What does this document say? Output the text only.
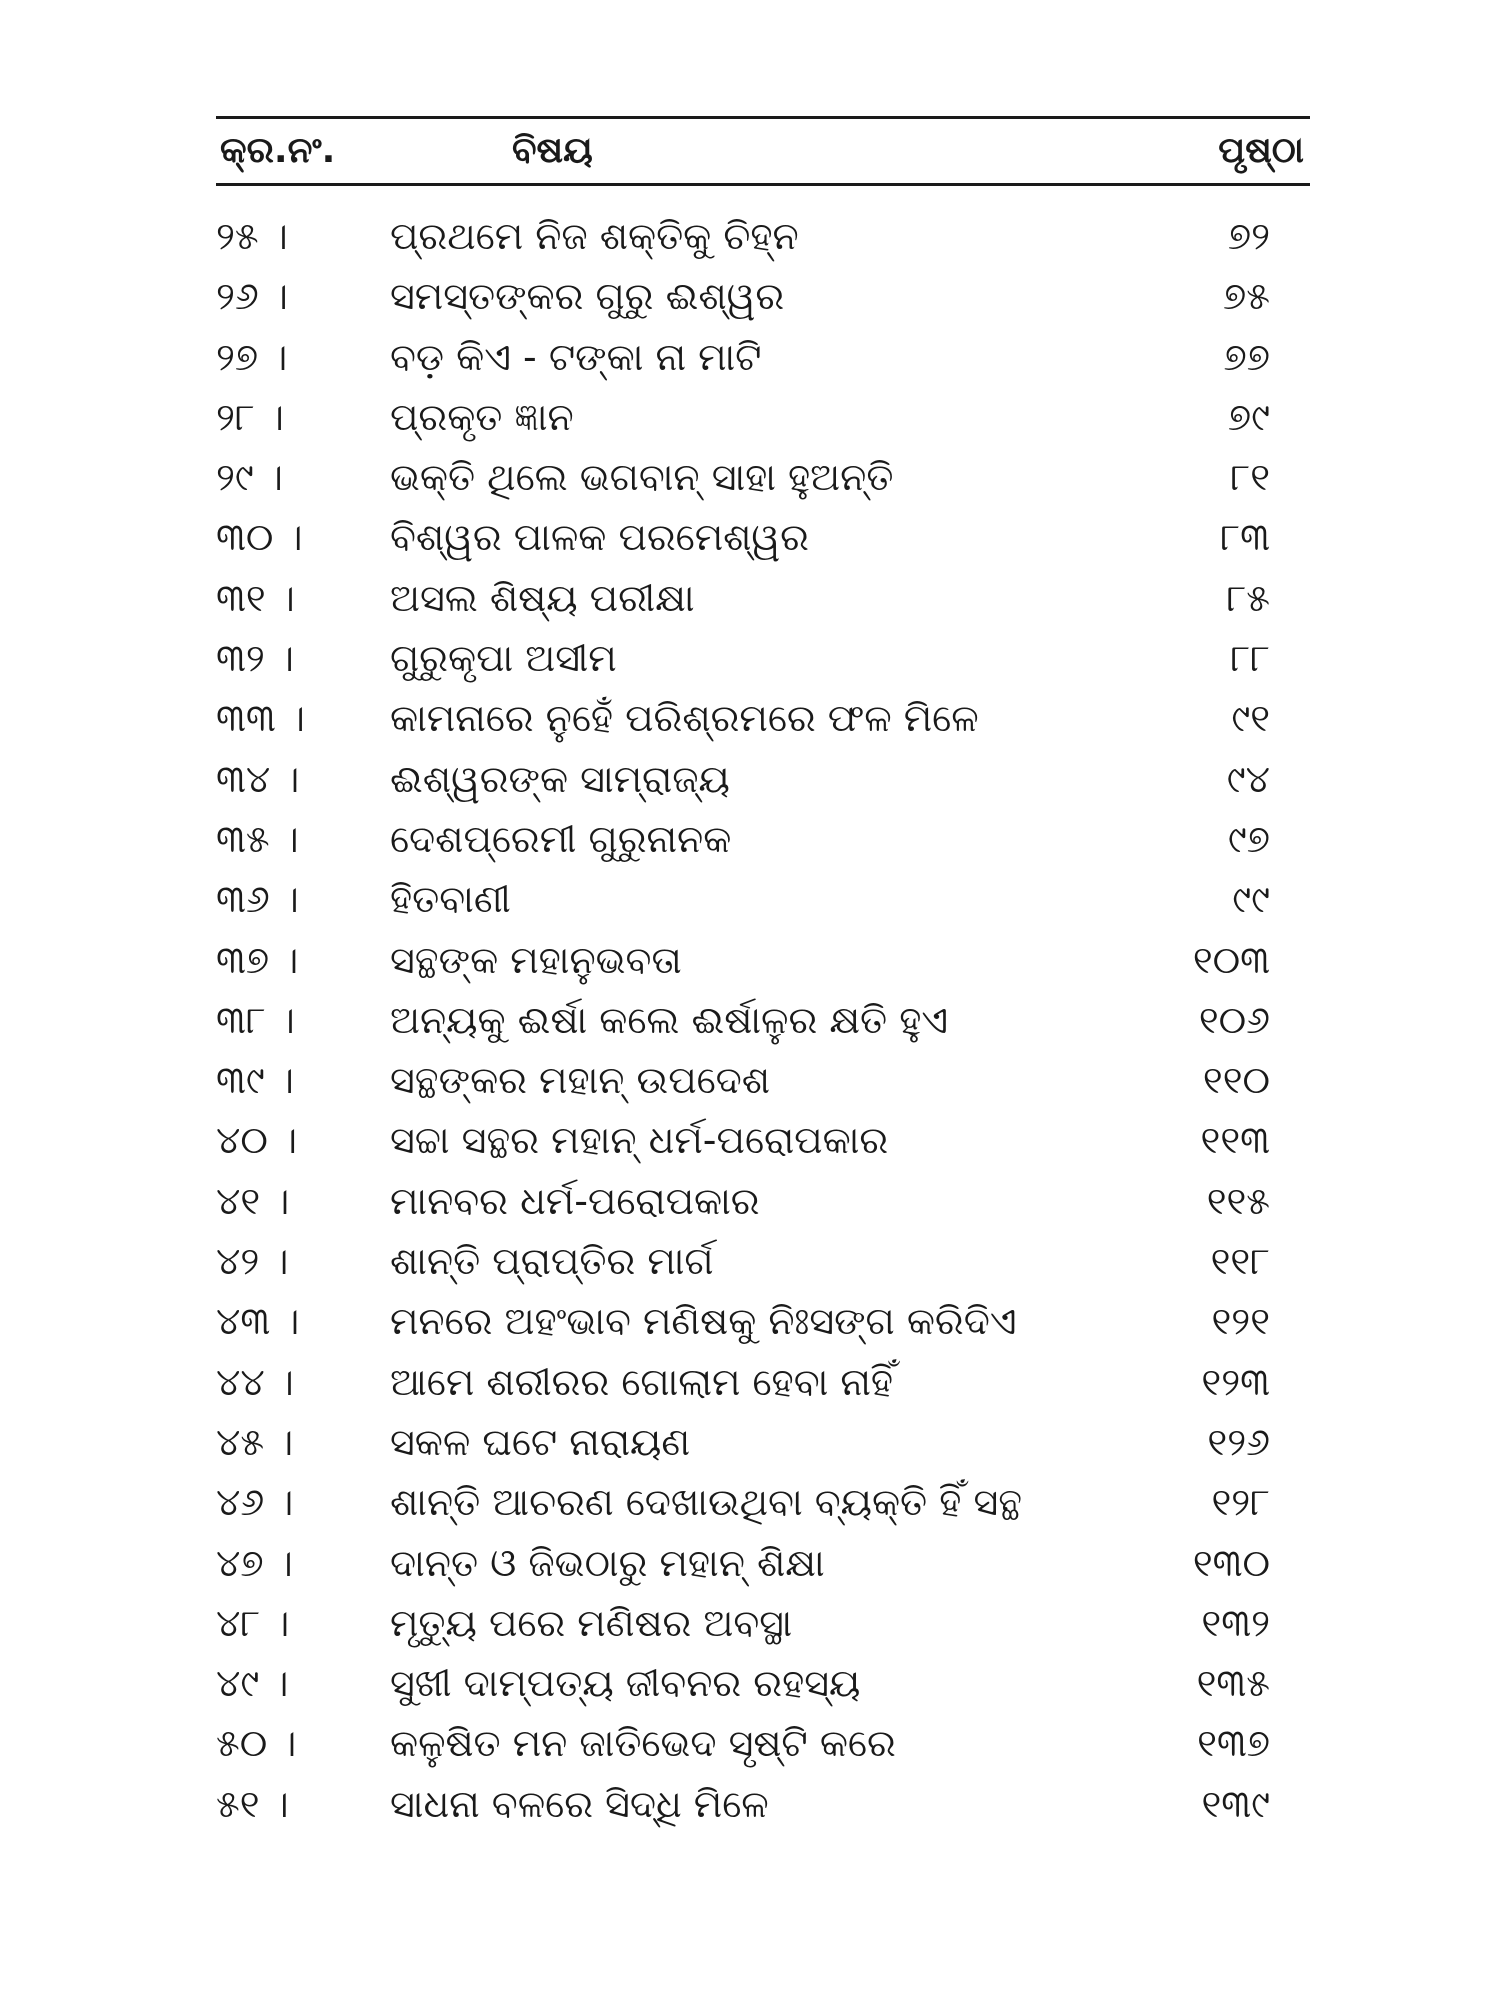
କ୍ର.ନଂ.	ବିଷୟ	ପୃଷ୍ଠା
୨୫ ।	ପ୍ରଥମେ ନିଜ ଶକ୍ତିକୁ ଚିହ୍ନ	୭୨
୨୬ ।	ସମସ୍ତଙ୍କର ଗୁରୁ ଈଶ୍ୱର	୭୫
୨୭ ।	ବଡ଼ କିଏ - ଟଙ୍କା ନା ମାଟି	୭୭
୨୮ ।	ପ୍ରକୃତ ଜ୍ଞାନ	୭୯
୨୯ ।	ଭକ୍ତି ଥିଲେ ଭଗବାନ୍ ସାହା ହୁଅନ୍ତି	୮୧
୩୦ । ବିଶ୍ୱର ପାଳକ ପରମେଶ୍ୱର	୮୩
୩୧ ।	ଅସଲ ଶିଷ୍ୟ ପରୀକ୍ଷା	୮୫
୩୨ ।	ଗୁରୁକୃପା ଅସୀମ	୮୮
୩୩ । କାମନାରେ ନୁହେଁ ପରିଶ୍ରମରେ ଫଳ ମିଳେ	୯୧
୩୪ । ଈଶ୍ୱରଙ୍କ ସାମ୍ରାଜ୍ୟ	୯୪
୩୫ । ଦେଶପ୍ରେମୀ ଗୁରୁନାନକ	୯୭
୩୬ । ହିତବାଣୀ	୯୯
୩୭ । ସନ୍ଥଙ୍କ ମହାନୁଭବତା	୧୦୩
୩୮ ।	ଅନ୍ୟକୁ ଈର୍ଷା କଲେ ଈର୍ଷାଳୁର କ୍ଷତି ହୁଏ	୧୦୬
୩୯ ।	ସନ୍ଥଙ୍କର ମହାନ୍ ଉପଦେଶ	୧୧୦
୪୦ । ସଚ୍ଚା ସନ୍ଥର ମହାନ୍ ଧର୍ମ-ପରୋପକାର	୧୧୩
୪୧ ।	ମାନବର ଧର୍ମ-ପରୋପକାର	୧୧୫
୪୨ ।	ଶାନ୍ତି ପ୍ରାପ୍ତିର ମାର୍ଗ	୧୧୮
୪୩ । ମନରେ ଅହଂଭାବ ମଣିଷକୁ ନିଃସଙ୍ଗ କରିଦିଏ	୧୨୧
୪୪ ।	ଆମେ ଶରୀରର ଗୋଲାମ ହେବା ନାହିଁ	୧୨୩
୪୫ ।	ସକଳ ଘଟେ ନାରାୟଣ	୧୨୬
୪୬ ।	ଶାନ୍ତି ଆଚରଣ ଦେଖାଉଥିବା ବ୍ୟକ୍ତି ହିଁ ସନ୍ଥ	୧୨୮
୪୭ ।	ଦାନ୍ତ ଓ ଜିଭଠାରୁ ମହାନ୍ ଶିକ୍ଷା	୧୩୦
୪୮ ।	ମୃତ୍ୟୁ ପରେ ମଣିଷର ଅବସ୍ଥା	୧୩୨
୪୯ ।	ସୁଖୀ ଦାମ୍ପତ୍ୟ ଜୀବନର ରହସ୍ୟ	୧୩୫
୫୦ । କଳୁଷିତ ମନ ଜାତିଭେଦ ସୃଷ୍ଟି କରେ	୧୩୭
୫୧ ।	ସାଧନା ବଳରେ ସିଦ୍ଧି ମିଳେ	୧୩୯
